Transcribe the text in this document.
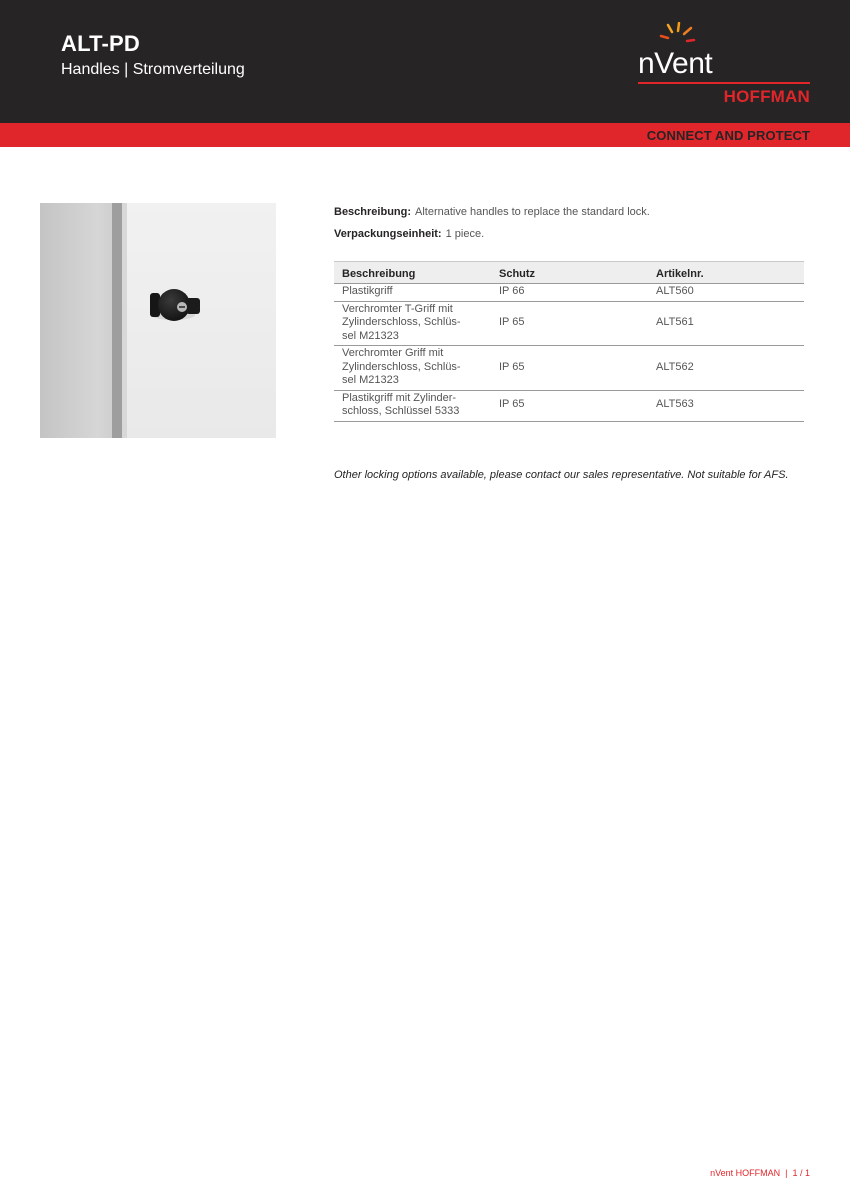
ALT-PD
Handles | Stromverteilung	nVent
HOFFMAN
CONNECT AND PROTECT
Beschreibung: Alternative handles to replace the standard lock.
Verpackungseinheit: 1 piece.
Beschreibung	Schutz	Artikelnr.
Plastikgriff	IP 66	ALT560
Verchromter T-Griff mit
Zylinderschloss, Schlüs-
sel M21323	IP 65	ALT561
Verchromter Griff mit
Zylinderschloss, Schlüs-
sel M21323	IP 65	ALT562
Plastikgriff mit Zylinder-
schloss, Schlüssel 5333	IP 65	ALT563
Other locking options available, please contact our sales representative. Not suitable for AFS.
nVent HOFFMAN  |  1 / 1
